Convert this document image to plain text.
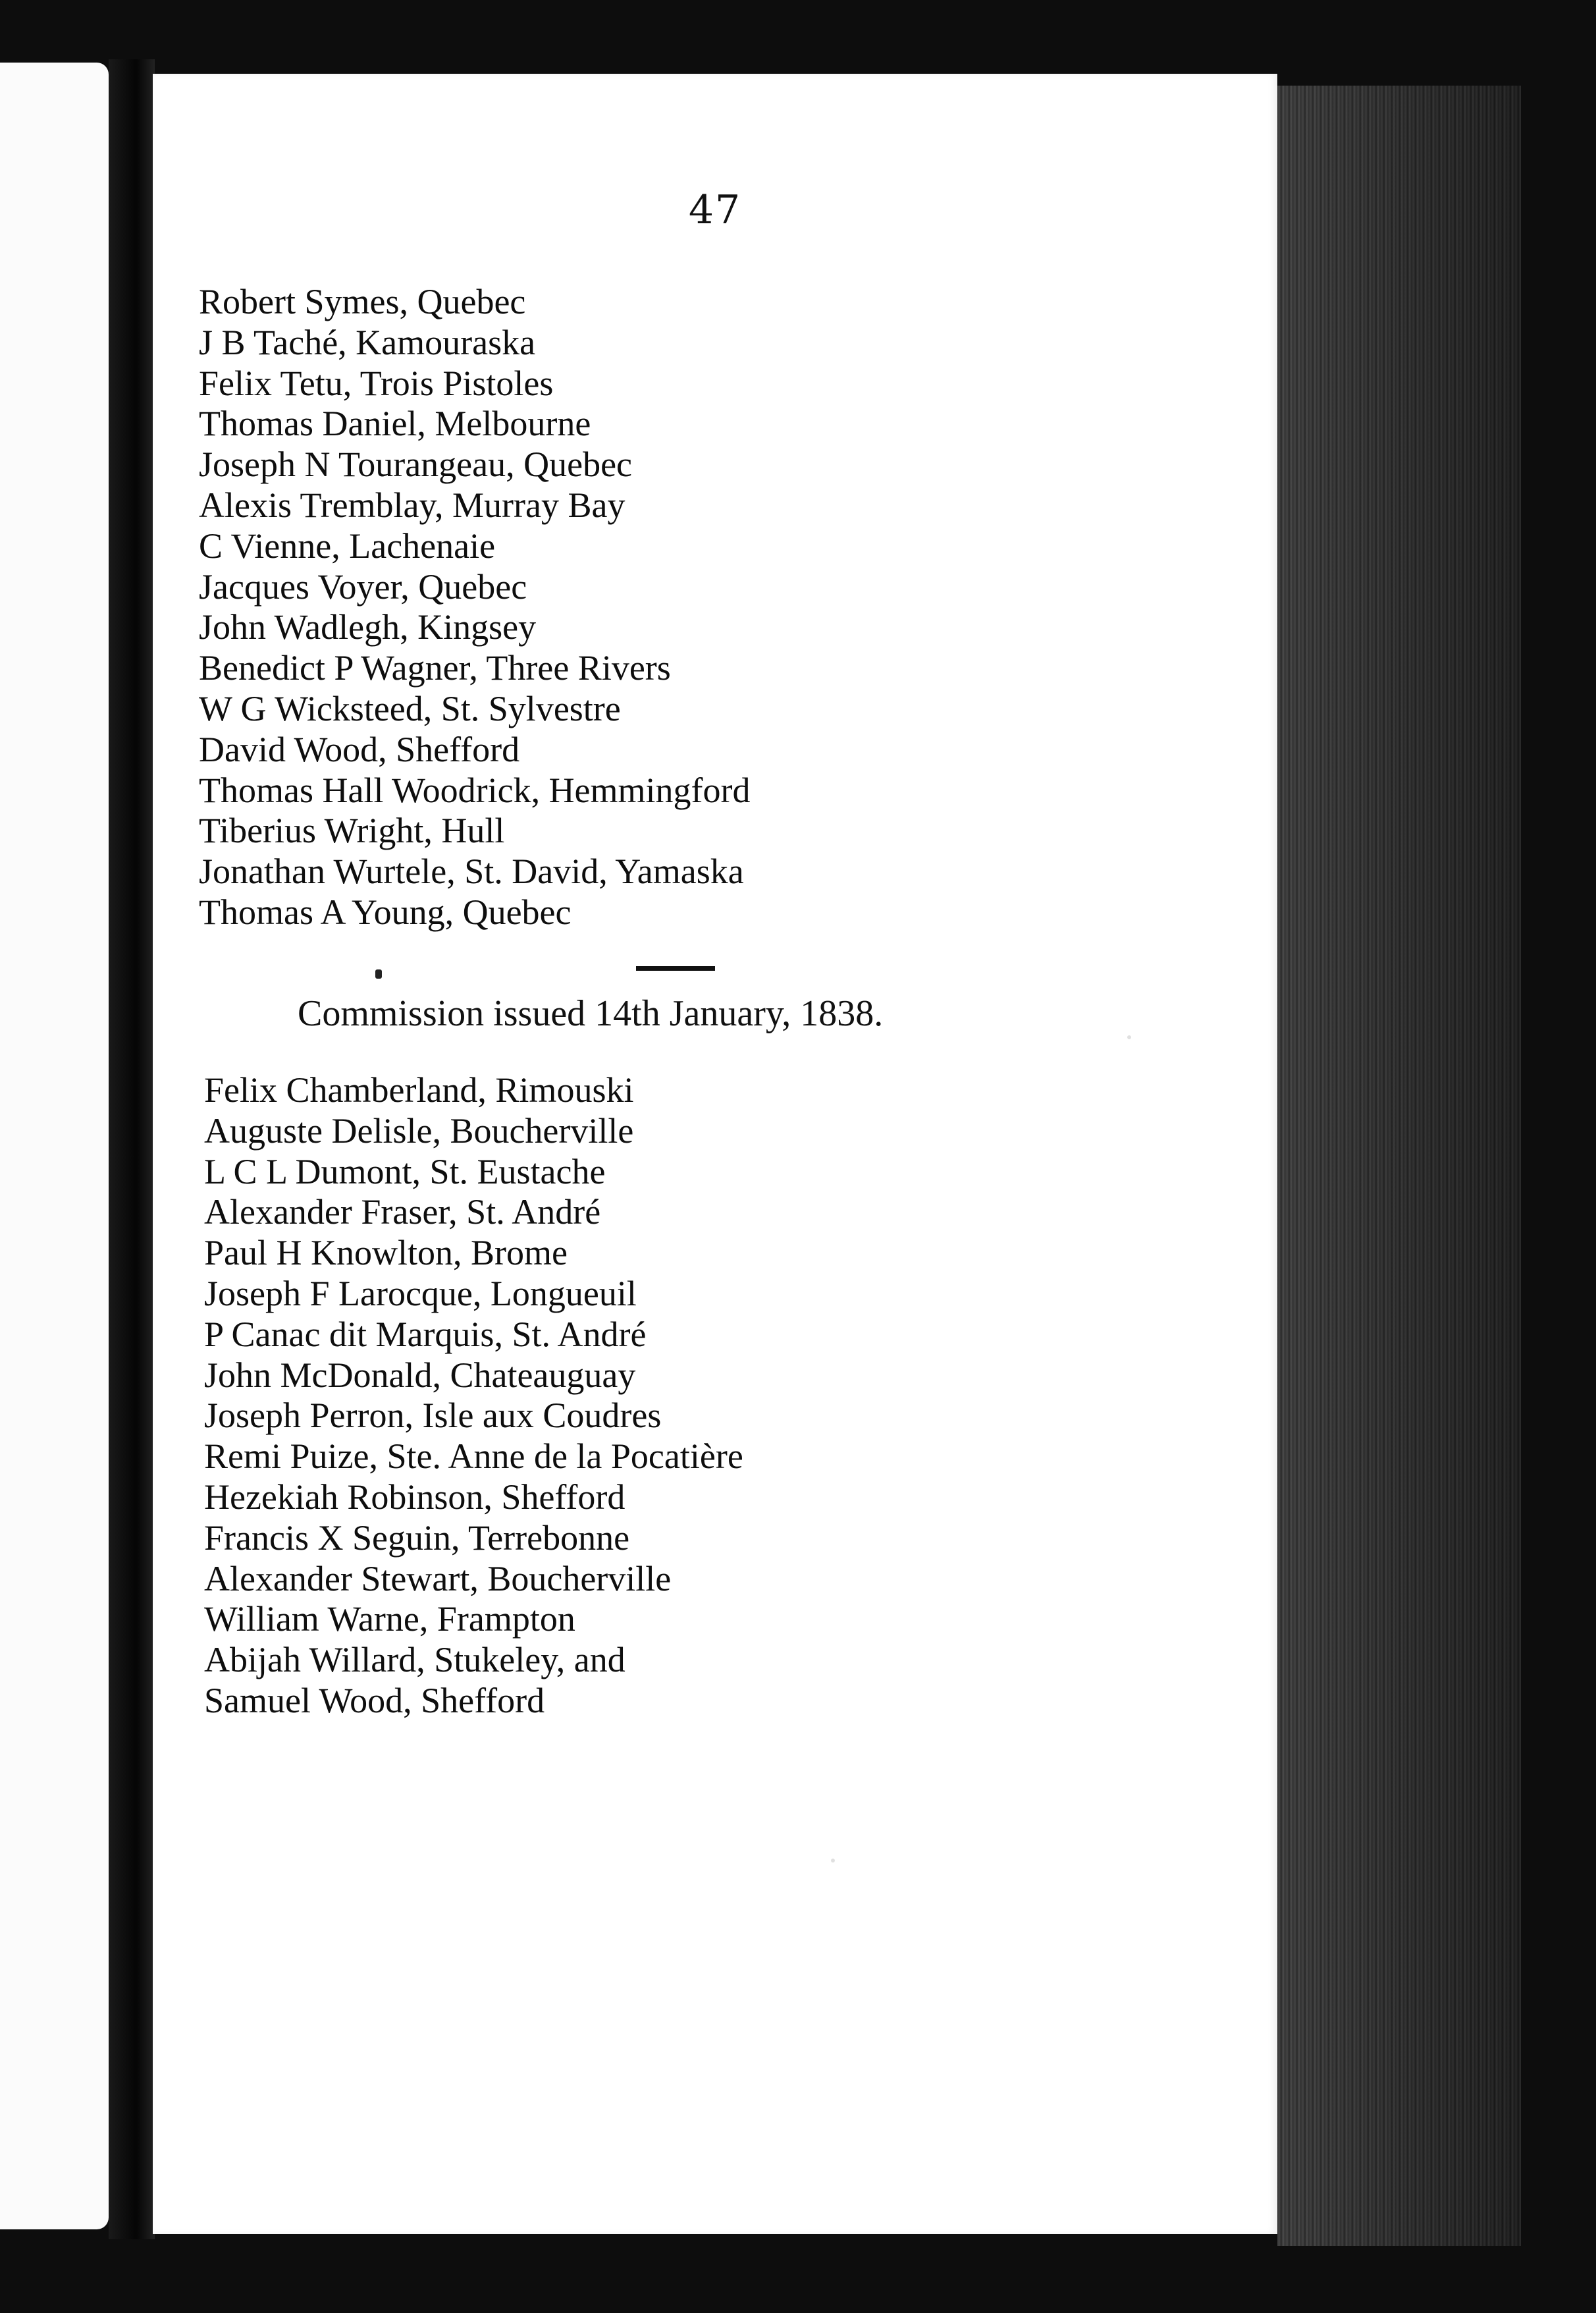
47
Robert Symes, Quebec
J B Taché, Kamouraska
Felix Tetu, Trois Pistoles
Thomas Daniel, Melbourne
Joseph N Tourangeau, Quebec
Alexis Tremblay, Murray Bay
C Vienne, Lachenaie
Jacques Voyer, Quebec
John Wadlegh, Kingsey
Benedict P Wagner, Three Rivers
W G Wicksteed, St. Sylvestre
David Wood, Shefford
Thomas Hall Woodrick, Hemmingford
Tiberius Wright, Hull
Jonathan Wurtele, St. David, Yamaska
Thomas A Young, Quebec
Commission issued 14th January, 1838.
Felix Chamberland, Rimouski
Auguste Delisle, Boucherville
L C L Dumont, St. Eustache
Alexander Fraser, St. André
Paul H Knowlton, Brome
Joseph F Larocque, Longueuil
P Canac dit Marquis, St. André
John McDonald, Chateauguay
Joseph Perron, Isle aux Coudres
Remi Puize, Ste. Anne de la Pocatière
Hezekiah Robinson, Shefford
Francis X Seguin, Terrebonne
Alexander Stewart, Boucherville
William Warne, Frampton
Abijah Willard, Stukeley, and
Samuel Wood, Shefford
